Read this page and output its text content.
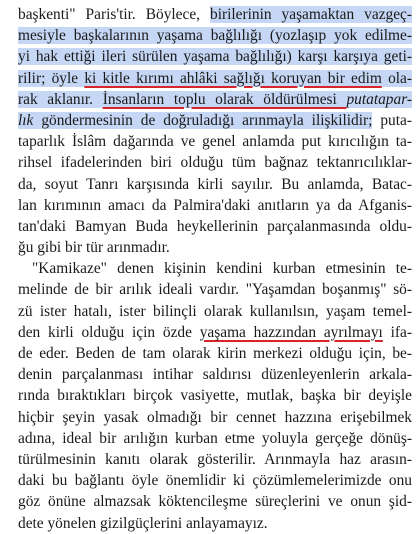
başkenti" Paris'tir. Böylece, birilerinin yaşamaktan vazgeç-
mesiyle başkalarının yaşama bağlılığı (yozlaşıp yok edilme-
yi hak ettiği ileri sürülen yaşama bağlılığı) karşı karşıya geti-
rilir; öyle ki kitle kırımı ahlâki sağlığı koruyan bir edim ola-
rak aklanır. İnsanların toplu olarak öldürülmesi putatapar-
lık göndermesinin de doğruladığı arınmayla ilişkilidir; puta-
taparlık İslâm dağarında ve genel anlamda put kırıcılığın ta-
rihsel ifadelerinden biri olduğu tüm bağnaz tektanrıcılıklar-
da, soyut Tanrı karşısında kirli sayılır. Bu anlamda, Batac-
lan kırımının amacı da Palmira'daki anıtların ya da Afganis-
tan'daki Bamyan Buda heykellerinin parçalanmasında oldu-
ğu gibi bir tür arınmadır.
"Kamikaze" denen kişinin kendini kurban etmesinin te-
melinde de bir arılık ideali vardır. "Yaşamdan boşanmış" sö-
zü ister hatalı, ister bilinçli olarak kullanılsın, yaşam temel-
den kirli olduğu için özde yaşama hazzından ayrılmayı ifa-
de eder. Beden de tam olarak kirin merkezi olduğu için, be-
denin parçalanması intihar saldırısı düzenleyenlerin arkala-
rında bıraktıkları birçok vasiyette, mutlak, başka bir deyişle
hiçbir şeyin yasak olmadığı bir cennet hazzına erişebilmek
adına, ideal bir arılığın kurban etme yoluyla gerçeğe dönüş-
türülmesinin kanıtı olarak gösterilir. Arınmayla haz arasın-
daki bu bağlantı öyle önemlidir ki çözümlemelerimizde onu
göz önüne almazsak köktencileşme süreçlerini ve onun şid-
dete yönelen gizilgüçlerini anlayamayız.
